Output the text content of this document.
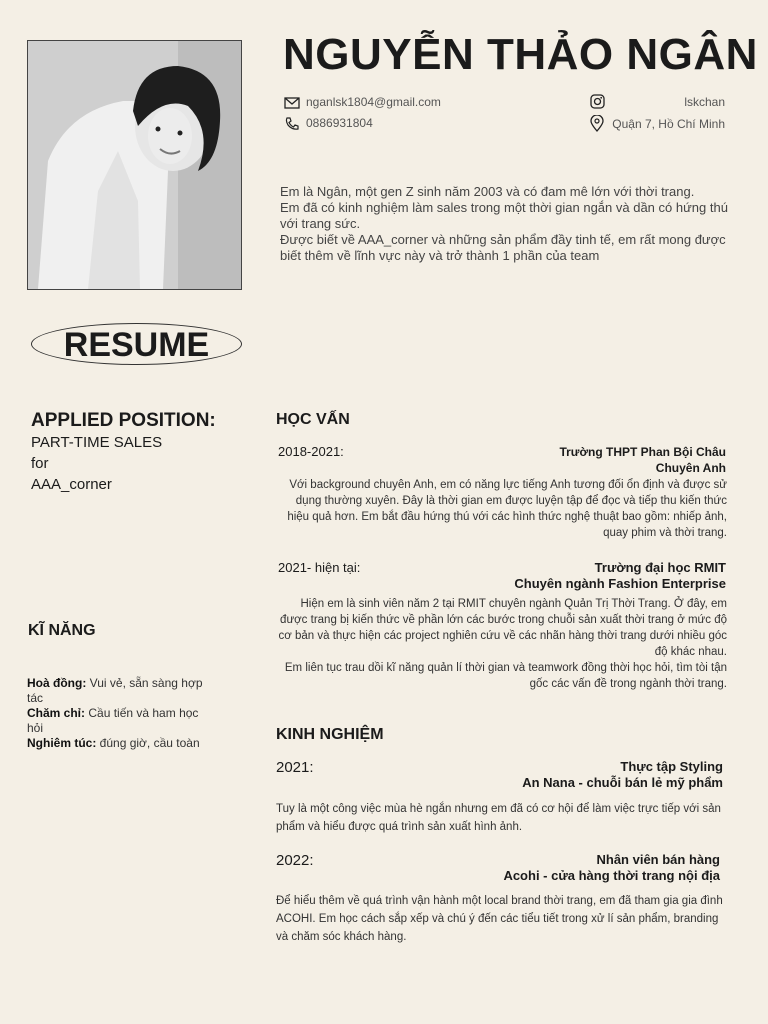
NGUYỄN THẢO NGÂN
nganlsk1804@gmail.com
0886931804
lskchan
Quận 7, Hồ Chí Minh

Em là Ngân, một gen Z sinh năm 2003 và có đam mê lớn với thời trang.

Em đã có kinh nghiệm làm sales trong một thời gian ngắn và dần có hứng thú với trang sức.

Được biết về AAA_corner và những sản phẩm đầy tinh tế, em rất mong được biết thêm về lĩnh vực này và trở thành 1 phần của team

RESUME
APPLIED POSITION:
PART-TIME SALES
for
AAA_corner
KĨ NĂNG

Hoà đồng: Vui vẻ, sẵn sàng hợp tác

Chăm chỉ: Cầu tiến và ham học hỏi

Nghiêm túc: đúng giờ, cầu toàn

HỌC VẤN
2018-2021:	Trường THPT Phan Bội Châu
Chuyên Anh
Với background chuyên Anh, em có năng lực tiếng Anh tương đối ổn định và được sử dụng thường xuyên. Đây là thời gian em được luyện tập để đọc và tiếp thu kiến thức hiệu quả hơn. Em bắt đầu hứng thú với các hình thức nghệ thuật bao gồm: nhiếp ảnh, quay phim và thời trang.
2021- hiện tại:	Trường đại học RMIT
Chuyên ngành Fashion Enterprise
Hiện em là sinh viên năm 2 tại RMIT chuyên ngành Quản Trị Thời Trang. Ở đây, em được trang bị kiến thức về phần lớn các bước trong chuỗi sản xuất thời trang ở mức độ cơ bản và thực hiện các project nghiên cứu về các nhãn hàng thời trang dưới nhiều góc độ khác nhau.
Em liên tục trau dồi kĩ năng quản lí thời gian và teamwork đồng thời học hỏi, tìm tòi tận gốc các vấn đề trong ngành thời trang.
KINH NGHIỆM
2021:	Thực tập Styling
An Nana - chuỗi bán lẻ mỹ phẩm
Tuy là một công việc mùa hè ngắn nhưng em đã có cơ hội để làm việc trực tiếp với sản phẩm và hiểu được quá trình sản xuất hình ảnh.
2022:	Nhân viên bán hàng
Acohi - cửa hàng thời trang nội địa
Để hiểu thêm về quá trình vận hành một local brand thời trang, em đã tham gia gia đình ACOHI. Em học cách sắp xếp và chú ý đến các tiểu tiết trong xử lí sản phẩm, branding và chăm sóc khách hàng.
